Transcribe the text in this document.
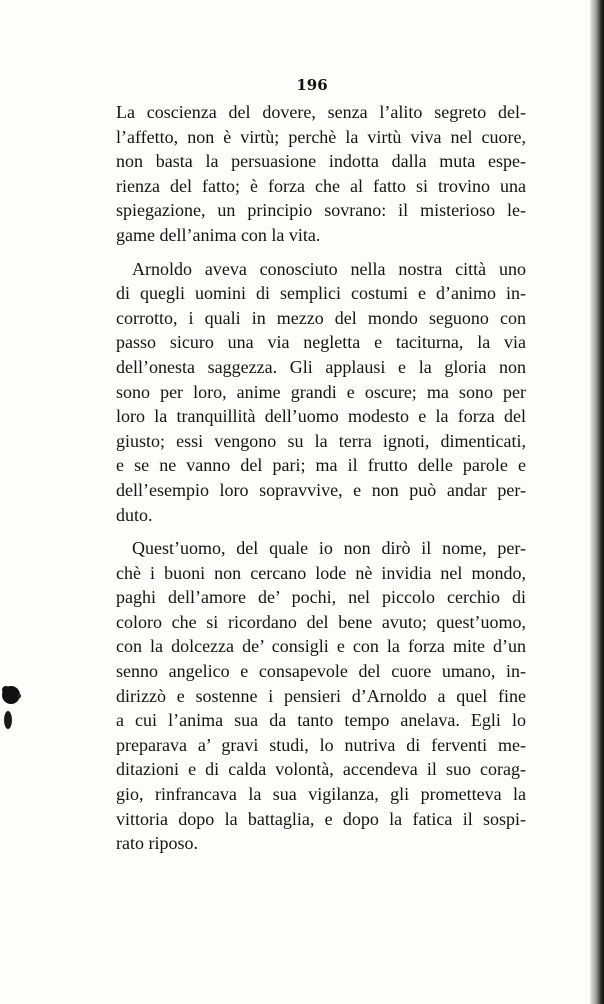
196

La coscienza del dovere, senza l’alito segreto del-
l’affetto, non è virtù; perchè la virtù viva nel cuore,
non basta la persuasione indotta dalla muta espe-
rienza del fatto; è forza che al fatto si trovino una
spiegazione, un principio sovrano: il misterioso le-
game dell’anima con la vita.
Arnoldo aveva conosciuto nella nostra città uno
di quegli uomini di semplici costumi e d’animo in-
corrotto, i quali in mezzo del mondo seguono con
passo sicuro una via negletta e taciturna, la via
dell’onesta saggezza. Gli applausi e la gloria non
sono per loro, anime grandi e oscure; ma sono per
loro la tranquillità dell’uomo modesto e la forza del
giusto; essi vengono su la terra ignoti, dimenticati,
e se ne vanno del pari; ma il frutto delle parole e
dell’esempio loro sopravvive, e non può andar per-
duto.
Quest’uomo, del quale io non dirò il nome, per-
chè i buoni non cercano lode nè invidia nel mondo,
paghi dell’amore de’ pochi, nel piccolo cerchio di
coloro che si ricordano del bene avuto; quest’uomo,
con la dolcezza de’ consigli e con la forza mite d’un
senno angelico e consapevole del cuore umano, in-
dirizzò e sostenne i pensieri d’Arnoldo a quel fine
a cui l’anima sua da tanto tempo anelava. Egli lo
preparava a’ gravi studi, lo nutriva di ferventi me-
ditazioni e di calda volontà, accendeva il suo corag-
gio, rinfrancava la sua vigilanza, gli prometteva la
vittoria dopo la battaglia, e dopo la fatica il sospi-
rato riposo.
